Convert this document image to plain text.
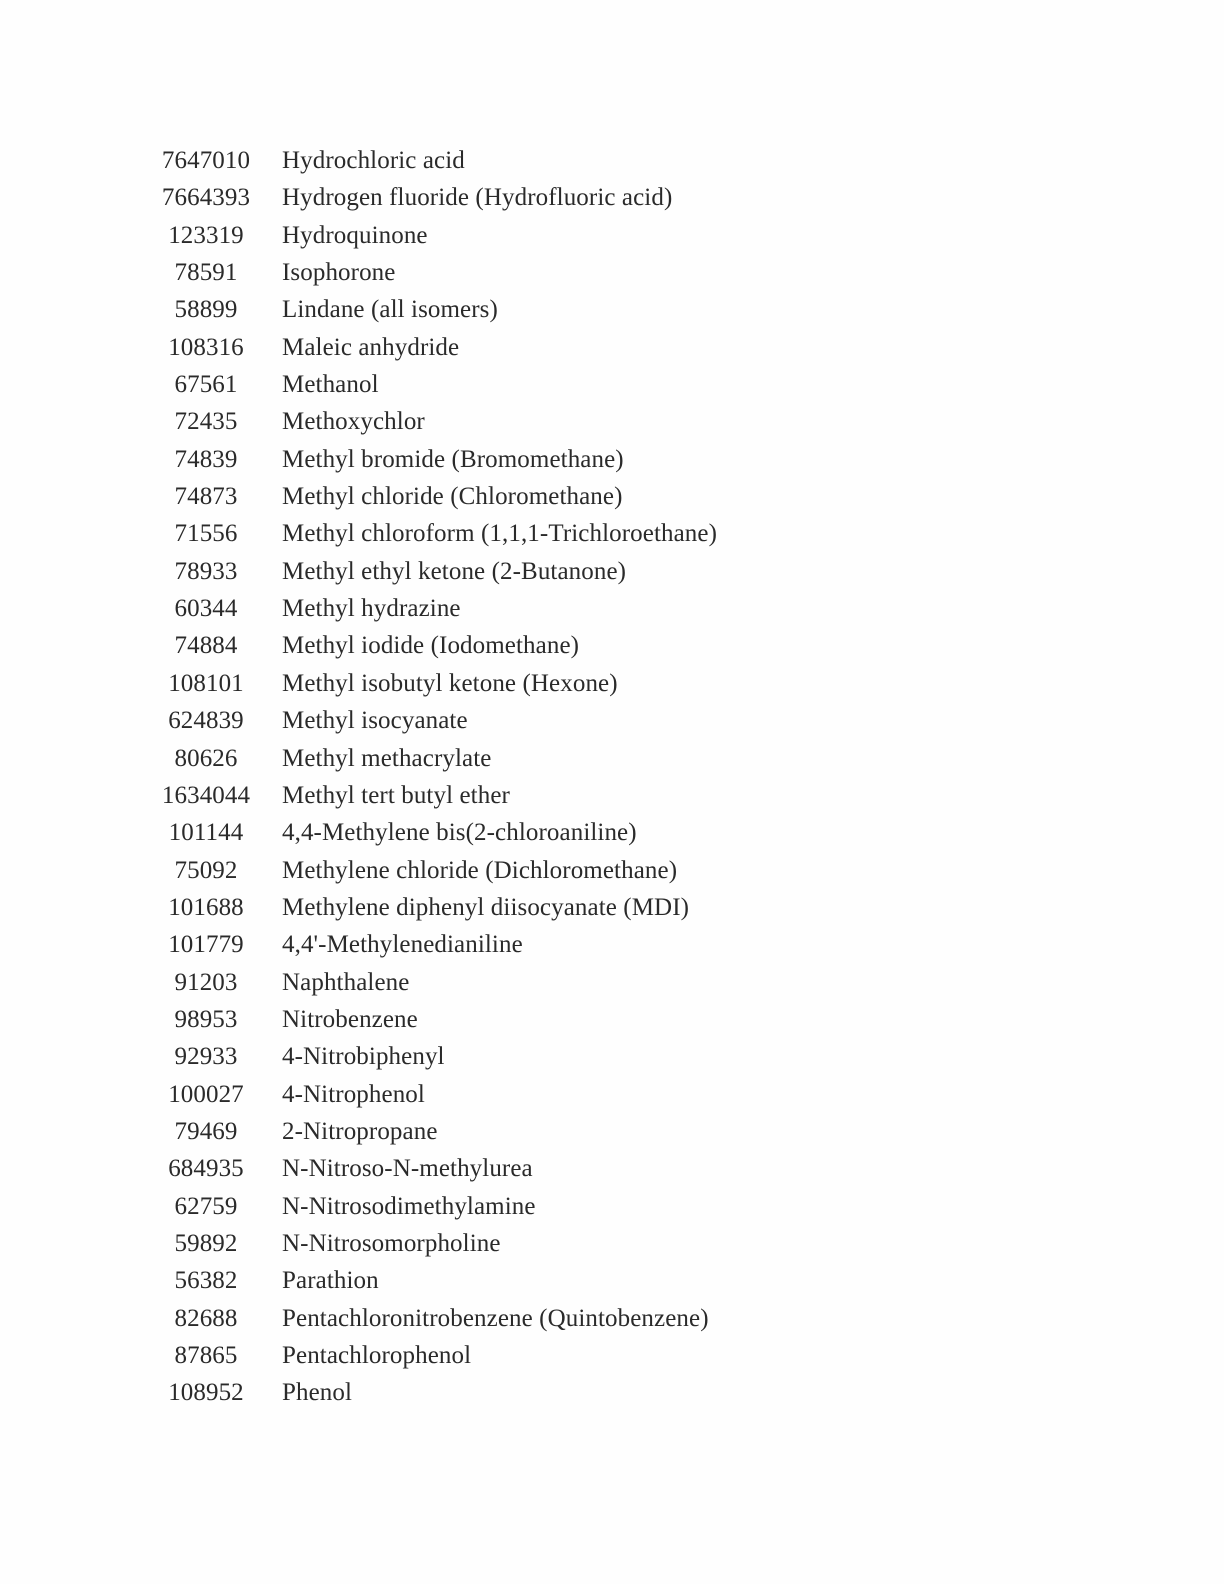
7647010	Hydrochloric acid
7664393	Hydrogen fluoride (Hydrofluoric acid)
123319	Hydroquinone
78591	Isophorone
58899	Lindane (all isomers)
108316	Maleic anhydride
67561	Methanol
72435	Methoxychlor
74839	Methyl bromide (Bromomethane)
74873	Methyl chloride (Chloromethane)
71556	Methyl chloroform (1,1,1-Trichloroethane)
78933	Methyl ethyl ketone (2-Butanone)
60344	Methyl hydrazine
74884	Methyl iodide (Iodomethane)
108101	Methyl isobutyl ketone (Hexone)
624839	Methyl isocyanate
80626	Methyl methacrylate
1634044	Methyl tert butyl ether
101144	4,4-Methylene bis(2-chloroaniline)
75092	Methylene chloride (Dichloromethane)
101688	Methylene diphenyl diisocyanate (MDI)
101779	4,4'-Methylenedianiline
91203	Naphthalene
98953	Nitrobenzene
92933	4-Nitrobiphenyl
100027	4-Nitrophenol
79469	2-Nitropropane
684935	N-Nitroso-N-methylurea
62759	N-Nitrosodimethylamine
59892	N-Nitrosomorpholine
56382	Parathion
82688	Pentachloronitrobenzene (Quintobenzene)
87865	Pentachlorophenol
108952	Phenol
